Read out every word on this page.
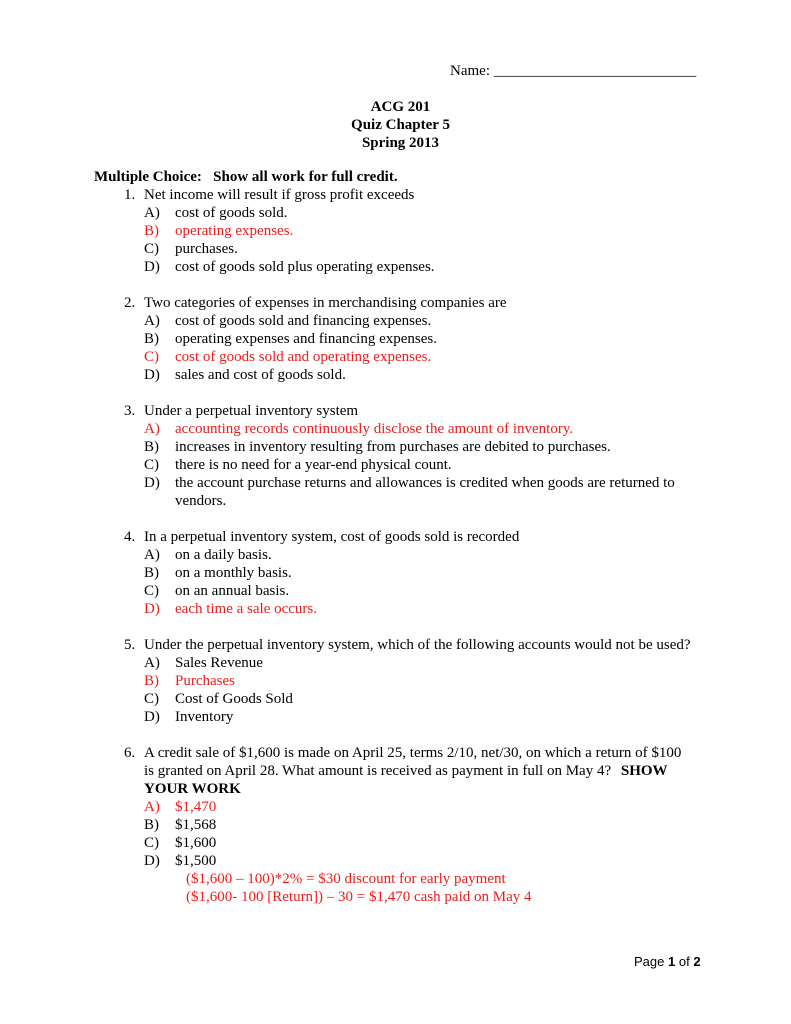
Name: ___________________________
ACG 201
Quiz Chapter 5
Spring 2013
Multiple Choice:   Show all work for full credit.
1. Net income will result if gross profit exceeds
A) cost of goods sold.
B) operating expenses.
C) purchases.
D) cost of goods sold plus operating expenses.
2. Two categories of expenses in merchandising companies are
A) cost of goods sold and financing expenses.
B) operating expenses and financing expenses.
C) cost of goods sold and operating expenses.
D) sales and cost of goods sold.
3. Under a perpetual inventory system
A) accounting records continuously disclose the amount of inventory.
B) increases in inventory resulting from purchases are debited to purchases.
C) there is no need for a year-end physical count.
D) the account purchase returns and allowances is credited when goods are returned to vendors.
4. In a perpetual inventory system, cost of goods sold is recorded
A) on a daily basis.
B) on a monthly basis.
C) on an annual basis.
D) each time a sale occurs.
5. Under the perpetual inventory system, which of the following accounts would not be used?
A) Sales Revenue
B) Purchases
C) Cost of Goods Sold
D) Inventory
6. A credit sale of $1,600 is made on April 25, terms 2/10, net/30, on which a return of $100 is granted on April 28. What amount is received as payment in full on May 4? SHOW YOUR WORK
A) $1,470
B) $1,568
C) $1,600
D) $1,500
($1,600 – 100)*2% = $30 discount for early payment
($1,600- 100 [Return]) – 30 = $1,470 cash paid on May 4
Page 1 of 2
